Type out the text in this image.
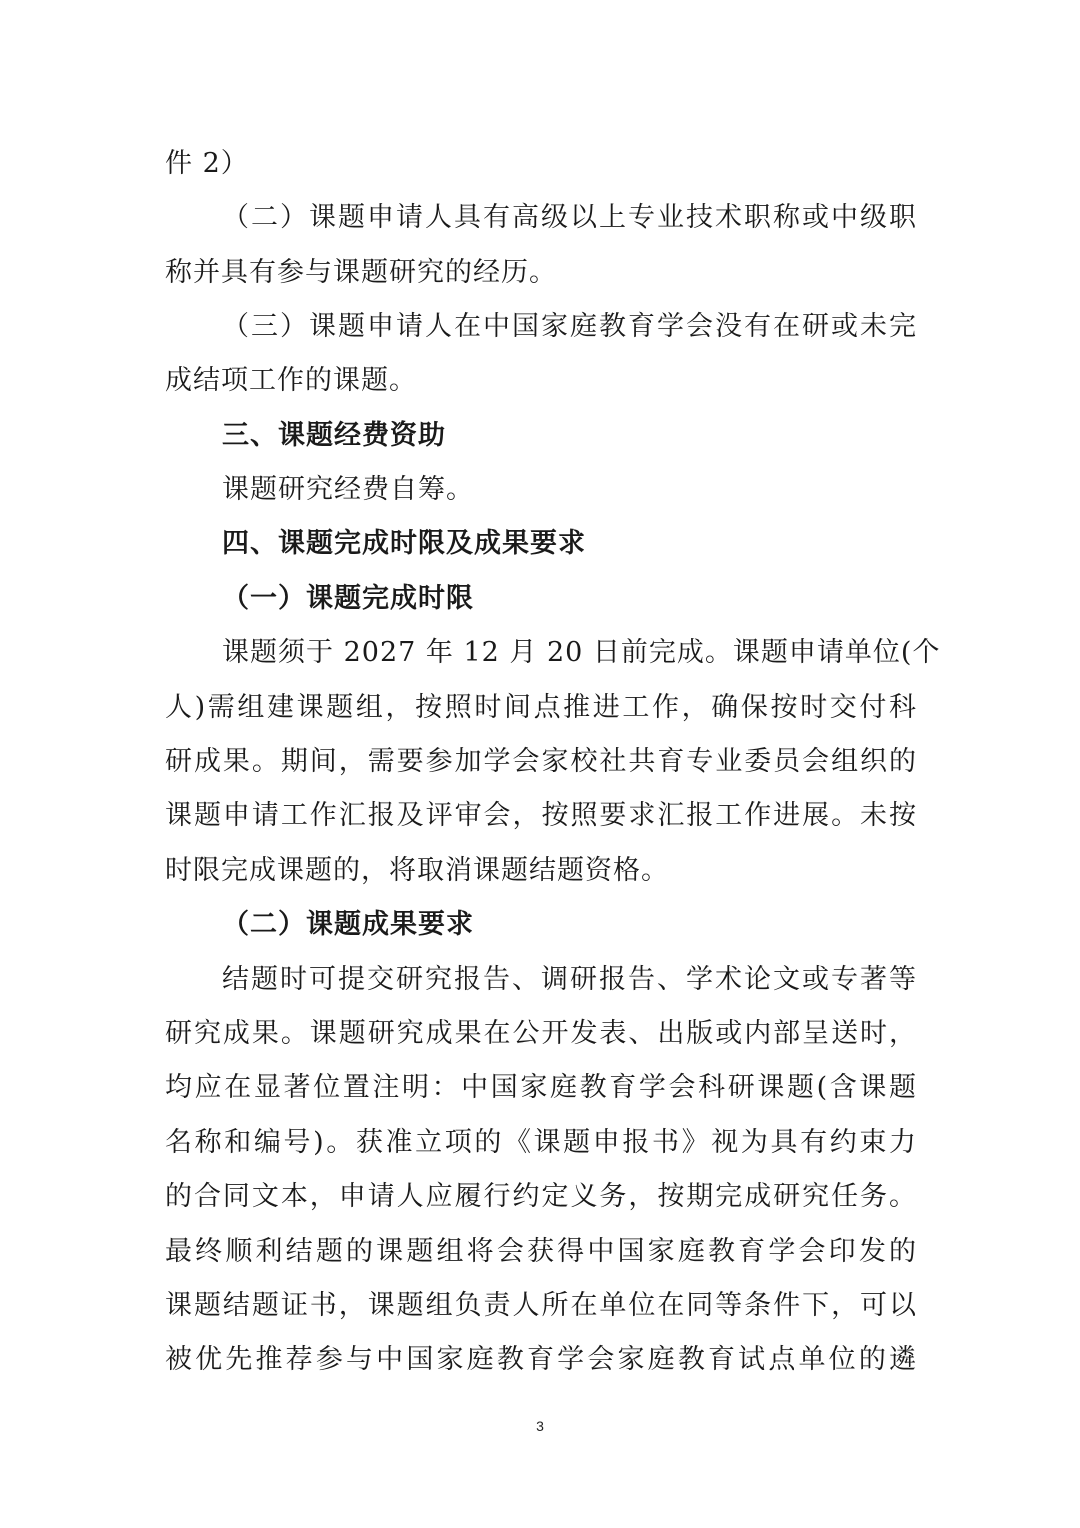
件 2）
（二）课题申请人具有高级以上专业技术职称或中级职
称并具有参与课题研究的经历。
（三）课题申请人在中国家庭教育学会没有在研或未完
成结项工作的课题。
三、课题经费资助
课题研究经费自筹。
四、课题完成时限及成果要求
（一）课题完成时限
课题须于 2027 年 12 月 20 日前完成。课题申请单位(个
人)需组建课题组，按照时间点推进工作，确保按时交付科
研成果。期间，需要参加学会家校社共育专业委员会组织的
课题申请工作汇报及评审会，按照要求汇报工作进展。未按
时限完成课题的，将取消课题结题资格。
（二）课题成果要求
结题时可提交研究报告、调研报告、学术论文或专著等
研究成果。课题研究成果在公开发表、出版或内部呈送时，
均应在显著位置注明：中国家庭教育学会科研课题(含课题
名称和编号)。获准立项的《课题申报书》视为具有约束力
的合同文本，申请人应履行约定义务，按期完成研究任务。
最终顺利结题的课题组将会获得中国家庭教育学会印发的
课题结题证书，课题组负责人所在单位在同等条件下，可以
被优先推荐参与中国家庭教育学会家庭教育试点单位的遴
3
